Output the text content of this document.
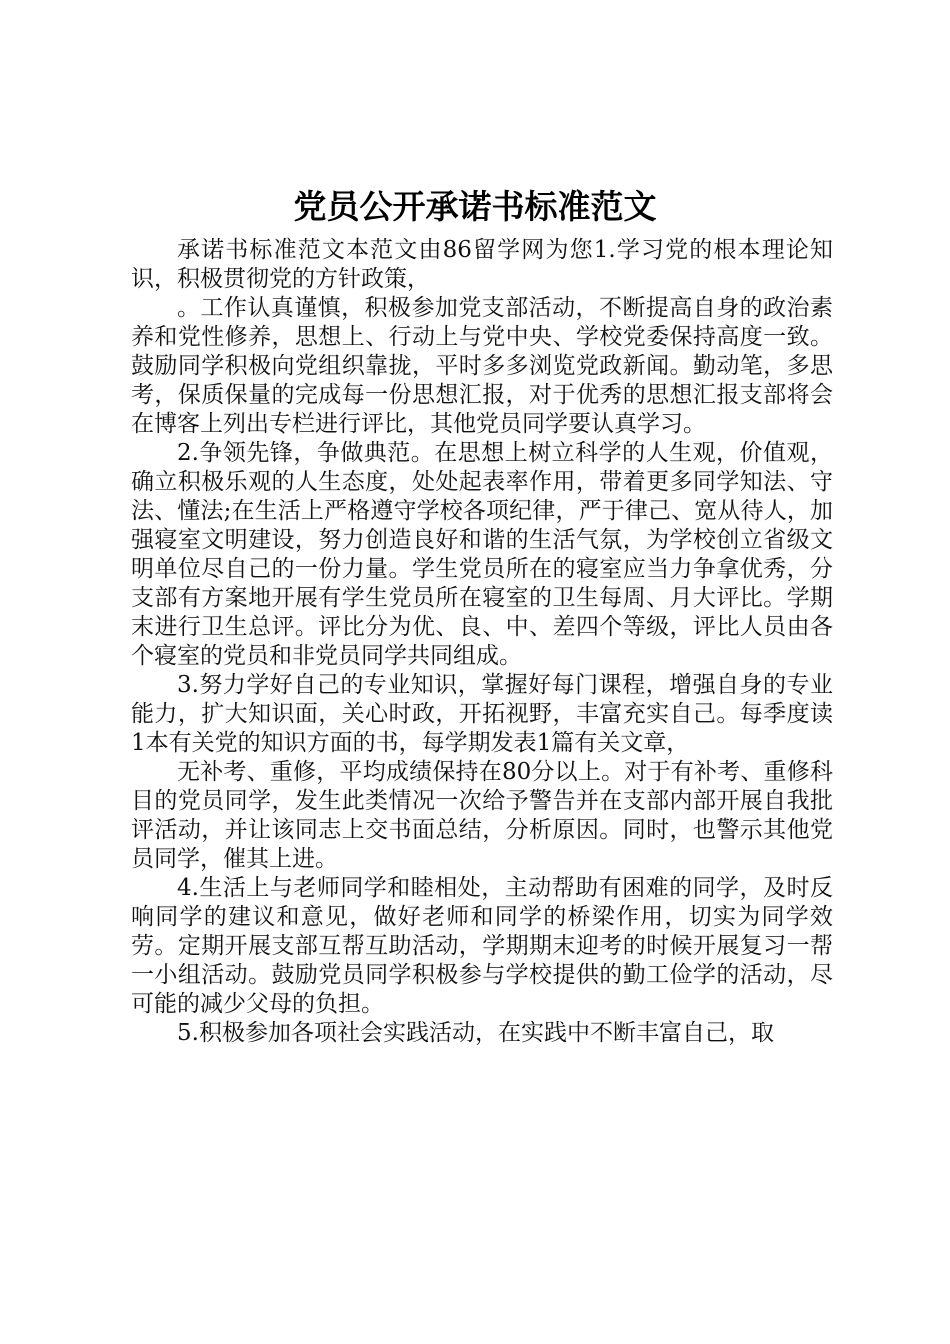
党员公开承诺书标准范文

承诺书标准范文本范文由86留学网为您1.学习党的根本理论知识，积极贯彻党的方针政策，

。工作认真谨慎，积极参加党支部活动，不断提高自身的政治素养和党性修养，思想上、行动上与党中央、学校党委保持高度一致。鼓励同学积极向党组织靠拢，平时多多浏览党政新闻。勤动笔，多思考，保质保量的完成每一份思想汇报，对于优秀的思想汇报支部将会在博客上列出专栏进行评比，其他党员同学要认真学习。

2.争领先锋，争做典范。在思想上树立科学的人生观，价值观，确立积极乐观的人生态度，处处起表率作用，带着更多同学知法、守法、懂法;在生活上严格遵守学校各项纪律，严于律己、宽从待人，加强寝室文明建设，努力创造良好和谐的生活气氛，为学校创立省级文明单位尽自己的一份力量。学生党员所在的寝室应当力争拿优秀，分支部有方案地开展有学生党员所在寝室的卫生每周、月大评比。学期末进行卫生总评。评比分为优、良、中、差四个等级，评比人员由各个寝室的党员和非党员同学共同组成。

3.努力学好自己的专业知识，掌握好每门课程，增强自身的专业能力，扩大知识面，关心时政，开拓视野，丰富充实自己。每季度读1本有关党的知识方面的书，每学期发表1篇有关文章，

无补考、重修，平均成绩保持在80分以上。对于有补考、重修科目的党员同学，发生此类情况一次给予警告并在支部内部开展自我批评活动，并让该同志上交书面总结，分析原因。同时，也警示其他党员同学，催其上进。

4.生活上与老师同学和睦相处，主动帮助有困难的同学，及时反响同学的建议和意见，做好老师和同学的桥梁作用，切实为同学效劳。定期开展支部互帮互助活动，学期期末迎考的时候开展复习一帮一小组活动。鼓励党员同学积极参与学校提供的勤工俭学的活动，尽可能的减少父母的负担。

5.积极参加各项社会实践活动，在实践中不断丰富自己，取
